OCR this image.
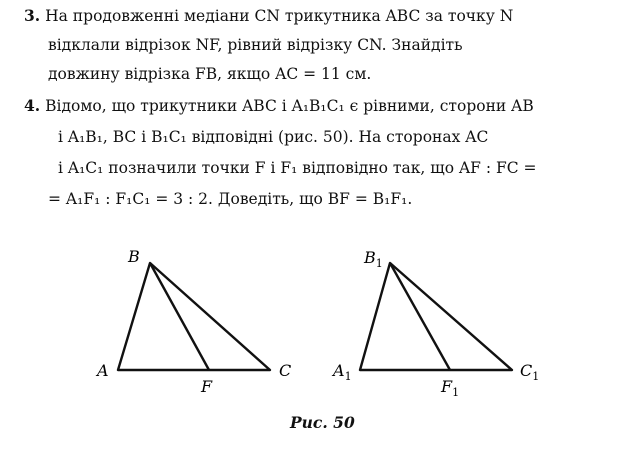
3. На продовженні медіани CN трикутника ABC за точку N
відклали відрізок NF, рівний відрізку CN. Знайдіть
довжину відрізка FB, якщо AC = 11 см.
4. Відомо, що трикутники ABC і A₁B₁C₁ є рівними, сторони AB
і A₁B₁, BC і B₁C₁ відповідні (рис. 50). На сторонах AC
і A₁C₁ позначили точки F і F₁ відповідно так, що AF : FC =
= A₁F₁ : F₁C₁ = 3 : 2. Доведіть, що BF = B₁F₁.
B
A	C
F
$B_1$
$A_1$	$C_1$
$F_1$
Рис. 50
